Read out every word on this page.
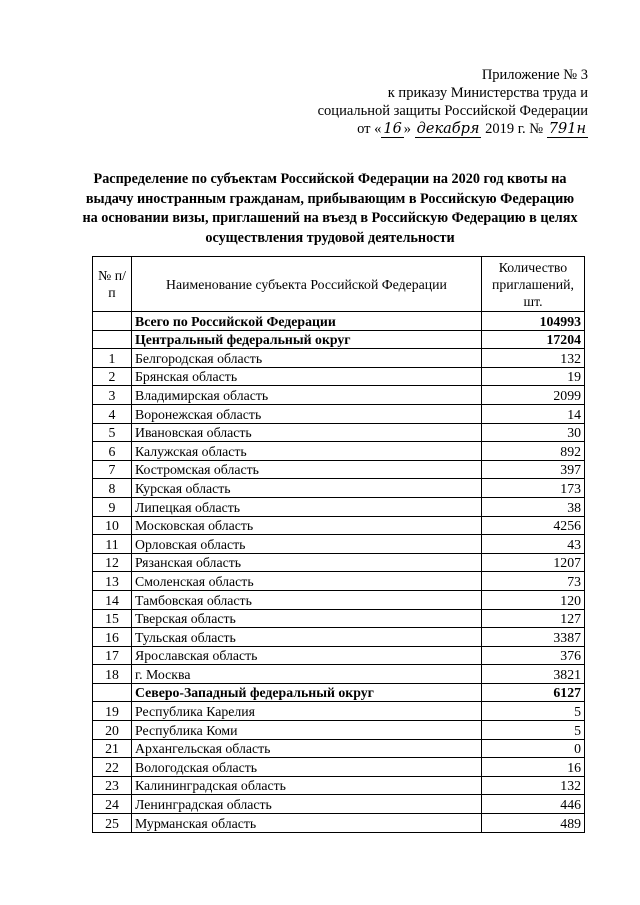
Приложение № 3
к приказу Министерства труда и
социальной защиты Российской Федерации
от « 16 » декабря 2019 г. № 791н
Распределение по субъектам Российской Федерации на 2020 год квоты на выдачу иностранным гражданам, прибывающим в Российскую Федерацию на основании визы, приглашений на въезд в Российскую Федерацию в целях осуществления трудовой деятельности
№ п/п	Наименование субъекта Российской Федерации	Количество приглашений, шт.
	Всего по Российской Федерации	104993
	Центральный федеральный округ	17204
1	Белгородская область	132
2	Брянская область	19
3	Владимирская область	2099
4	Воронежская область	14
5	Ивановская область	30
6	Калужская область	892
7	Костромская область	397
8	Курская область	173
9	Липецкая область	38
10	Московская область	4256
11	Орловская область	43
12	Рязанская область	1207
13	Смоленская область	73
14	Тамбовская область	120
15	Тверская область	127
16	Тульская область	3387
17	Ярославская область	376
18	г. Москва	3821
	Северо-Западный федеральный округ	6127
19	Республика Карелия	5
20	Республика Коми	5
21	Архангельская область	0
22	Вологодская область	16
23	Калининградская область	132
24	Ленинградская область	446
25	Мурманская область	489
